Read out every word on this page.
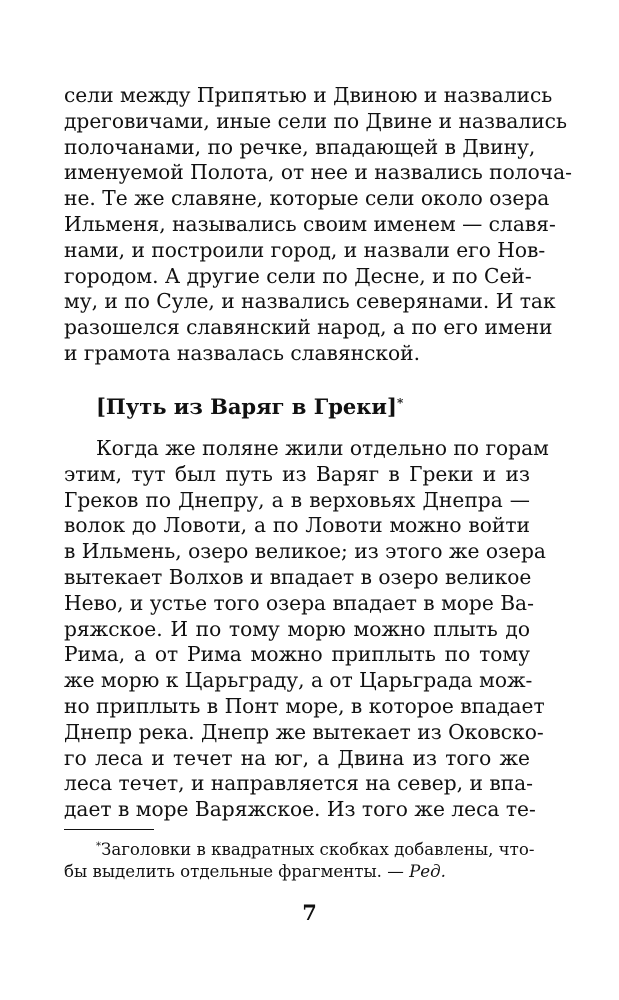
сели между Припятью и Двиною и назвались
дреговичами, иные сели по Двине и назвались
полочанами, по речке, впадающей в Двину,
именуемой Полота, от нее и назвались полоча-
не. Те же славяне, которые сели около озера
Ильменя, назывались своим именем — славя-
нами, и построили город, и назвали его Нов-
городом. А другие сели по Десне, и по Сей-
му, и по Суле, и назвались северянами. И так
разошелся славянский народ, а по его имени
и грамота назвалась славянской.
[Путь из Варяг в Греки]*
Когда же поляне жили отдельно по горам
этим, тут был путь из Варяг в Греки и из
Греков по Днепру, а в верховьях Днепра —
волок до Ловоти, а по Ловоти можно войти
в Ильмень, озеро великое; из этого же озера
вытекает Волхов и впадает в озеро великое
Нево, и устье того озера впадает в море Ва-
ряжское. И по тому морю можно плыть до
Рима, а от Рима можно приплыть по тому
же морю к Царьграду, а от Царьграда мож-
но приплыть в Понт море, в которое впадает
Днепр река. Днепр же вытекает из Оковско-
го леса и течет на юг, а Двина из того же
леса течет, и направляется на север, и впа-
дает в море Варяжское. Из того же леса те-
*Заголовки в квадратных скобках добавлены, что-
бы выделить отдельные фрагменты. — Ред.
7
